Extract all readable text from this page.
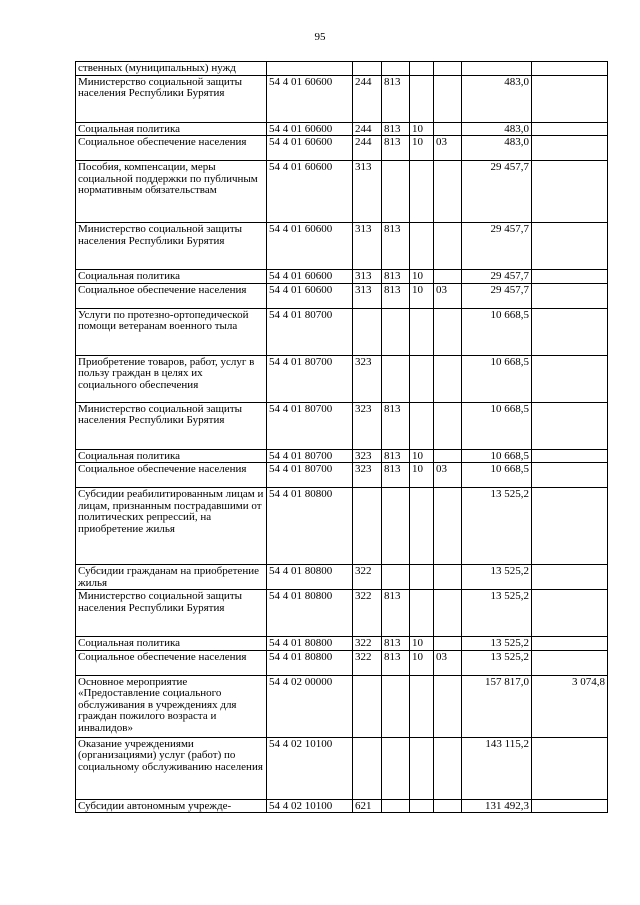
95
ственных (муниципальных) нужд							
Министерство социальной защиты населения Республики Бурятия	54 4 01 60600	244	813			483,0	
Социальная политика	54 4 01 60600	244	813	10		483,0	
Социальное обеспечение населения	54 4 01 60600	244	813	10	03	483,0	
Пособия, компенсации, меры социальной поддержки по публичным нормативным обязательствам	54 4 01 60600	313				29 457,7	
Министерство социальной защиты населения Республики Бурятия	54 4 01 60600	313	813			29 457,7	
Социальная политика	54 4 01 60600	313	813	10		29 457,7	
Социальное обеспечение населения	54 4 01 60600	313	813	10	03	29 457,7	
Услуги по протезно-ортопедической помощи ветеранам военного тыла	54 4 01 80700					10 668,5	
Приобретение товаров, работ, услуг в пользу граждан в целях их социального обеспечения	54 4 01 80700	323				10 668,5	
Министерство социальной защиты населения Республики Бурятия	54 4 01 80700	323	813			10 668,5	
Социальная политика	54 4 01 80700	323	813	10		10 668,5	
Социальное обеспечение населения	54 4 01 80700	323	813	10	03	10 668,5	
Субсидии реабилитированным лицам и лицам, признанным пострадавшими от политических репрессий, на приобретение жилья	54 4 01 80800					13 525,2	
Субсидии гражданам на приобретение жилья	54 4 01 80800	322				13 525,2	
Министерство социальной защиты населения Республики Бурятия	54 4 01 80800	322	813			13 525,2	
Социальная политика	54 4 01 80800	322	813	10		13 525,2	
Социальное обеспечение населения	54 4 01 80800	322	813	10	03	13 525,2	
Основное мероприятие «Предоставление социального обслуживания в учреждениях для граждан пожилого возраста и инвалидов»	54 4 02 00000					157 817,0	3 074,8
Оказание учреждениями (организациями) услуг (работ) по социальному обслуживанию населения	54 4 02 10100					143 115,2	
Субсидии автономным учрежде-	54 4 02 10100	621				131 492,3	
